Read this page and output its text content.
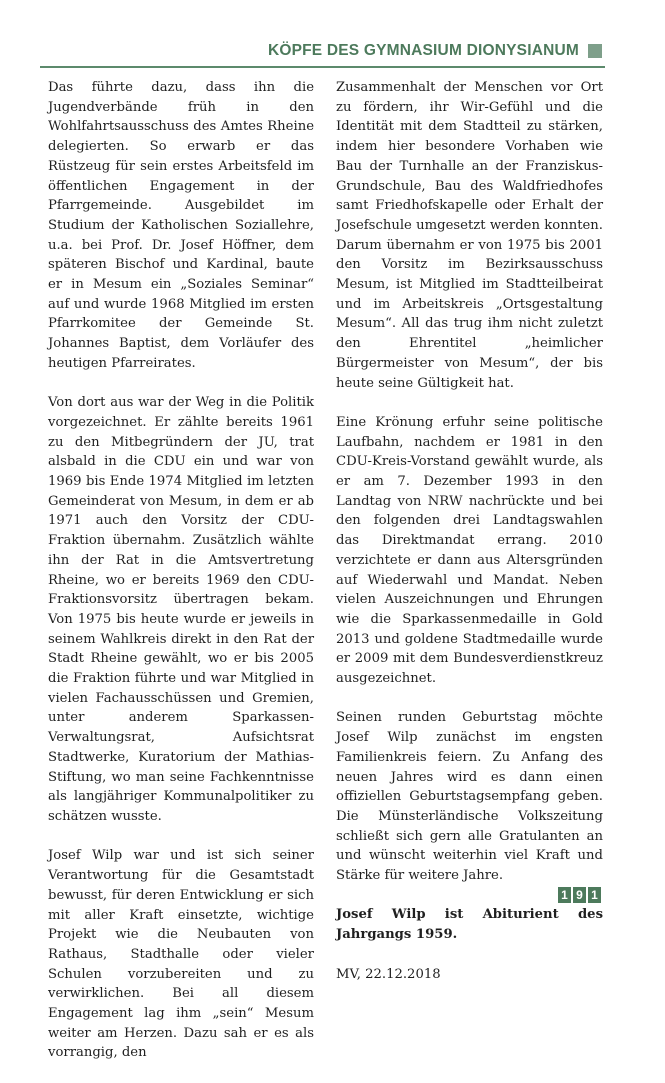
KÖPFE DES GYMNASIUM DIONYSIANUM

Das führte dazu, dass ihn die Jugendverbände früh in den Wohlfahrtsausschuss des Amtes Rheine delegierten. So erwarb er das Rüstzeug für sein erstes Arbeitsfeld im öffentlichen Engagement in der Pfarrgemeinde. Ausgebildet im Studium der Katholischen Soziallehre, u.a. bei Prof. Dr. Josef Höffner, dem späteren Bischof und Kardinal, baute er in Mesum ein „Soziales Seminar“ auf und wurde 1968 Mitglied im ersten Pfarrkomitee der Gemeinde St. Johannes Baptist, dem Vorläufer des heutigen Pfarreirates.

Von dort aus war der Weg in die Politik vorgezeichnet. Er zählte bereits 1961 zu den Mitbegründern der JU, trat alsbald in die CDU ein und war von 1969 bis Ende 1974 Mitglied im letzten Gemeinderat von Mesum, in dem er ab 1971 auch den Vorsitz der CDU-Fraktion übernahm. Zusätzlich wählte ihn der Rat in die Amtsvertretung Rheine, wo er bereits 1969 den CDU-Fraktionsvorsitz übertragen bekam. Von 1975 bis heute wurde er jeweils in seinem Wahlkreis direkt in den Rat der Stadt Rheine gewählt, wo er bis 2005 die Fraktion führte und war Mitglied in vielen Fachausschüssen und Gremien, unter anderem Sparkassen-Verwaltungsrat, Aufsichtsrat Stadtwerke, Kuratorium der Mathias-Stiftung, wo man seine Fachkenntnisse als langjähriger Kommunalpolitiker zu schätzen wusste.

Josef Wilp war und ist sich seiner Verantwortung für die Gesamtstadt bewusst, für deren Entwicklung er sich mit aller Kraft einsetzte, wichtige Projekt wie die Neubauten von Rathaus, Stadthalle oder vieler Schulen vorzubereiten und zu verwirklichen. Bei all diesem Engagement lag ihm „sein“ Mesum weiter am Herzen. Dazu sah er es als vorrangig, den

Zusammenhalt der Menschen vor Ort zu fördern, ihr Wir-Gefühl und die Identität mit dem Stadtteil zu stärken, indem hier besondere Vorhaben wie Bau der Turnhalle an der Franziskus-Grundschule, Bau des Waldfriedhofes samt Friedhofskapelle oder Erhalt der Josefschule umgesetzt werden konnten. Darum übernahm er von 1975 bis 2001 den Vorsitz im Bezirksausschuss Mesum, ist Mitglied im Stadtteilbeirat und im Arbeitskreis „Ortsgestaltung Mesum“. All das trug ihm nicht zuletzt den Ehrentitel „heimlicher Bürgermeister von Mesum“, der bis heute seine Gültigkeit hat.

Eine Krönung erfuhr seine politische Laufbahn, nachdem er 1981 in den CDU-Kreis-Vorstand gewählt wurde, als er am 7. Dezember 1993 in den Landtag von NRW nachrückte und bei den folgenden drei Landtagswahlen das Direktmandat errang. 2010 verzichtete er dann aus Altersgründen auf Wiederwahl und Mandat. Neben vielen Auszeichnungen und Ehrungen wie die Sparkassenmedaille in Gold 2013 und goldene Stadtmedaille wurde er 2009 mit dem Bundesverdienstkreuz ausgezeichnet.

Seinen runden Geburtstag möchte Josef Wilp zunächst im engsten Familienkreis feiern. Zu Anfang des neuen Jahres wird es dann einen offiziellen Geburtstagsempfang geben. Die Münsterländische Volkszeitung schließt sich gern alle Gratulanten an und wünscht weiterhin viel Kraft und Stärke für weitere Jahre.

Josef Wilp ist Abiturient des Jahrgangs 1959.

MV, 22.12.2018

1 9 1
